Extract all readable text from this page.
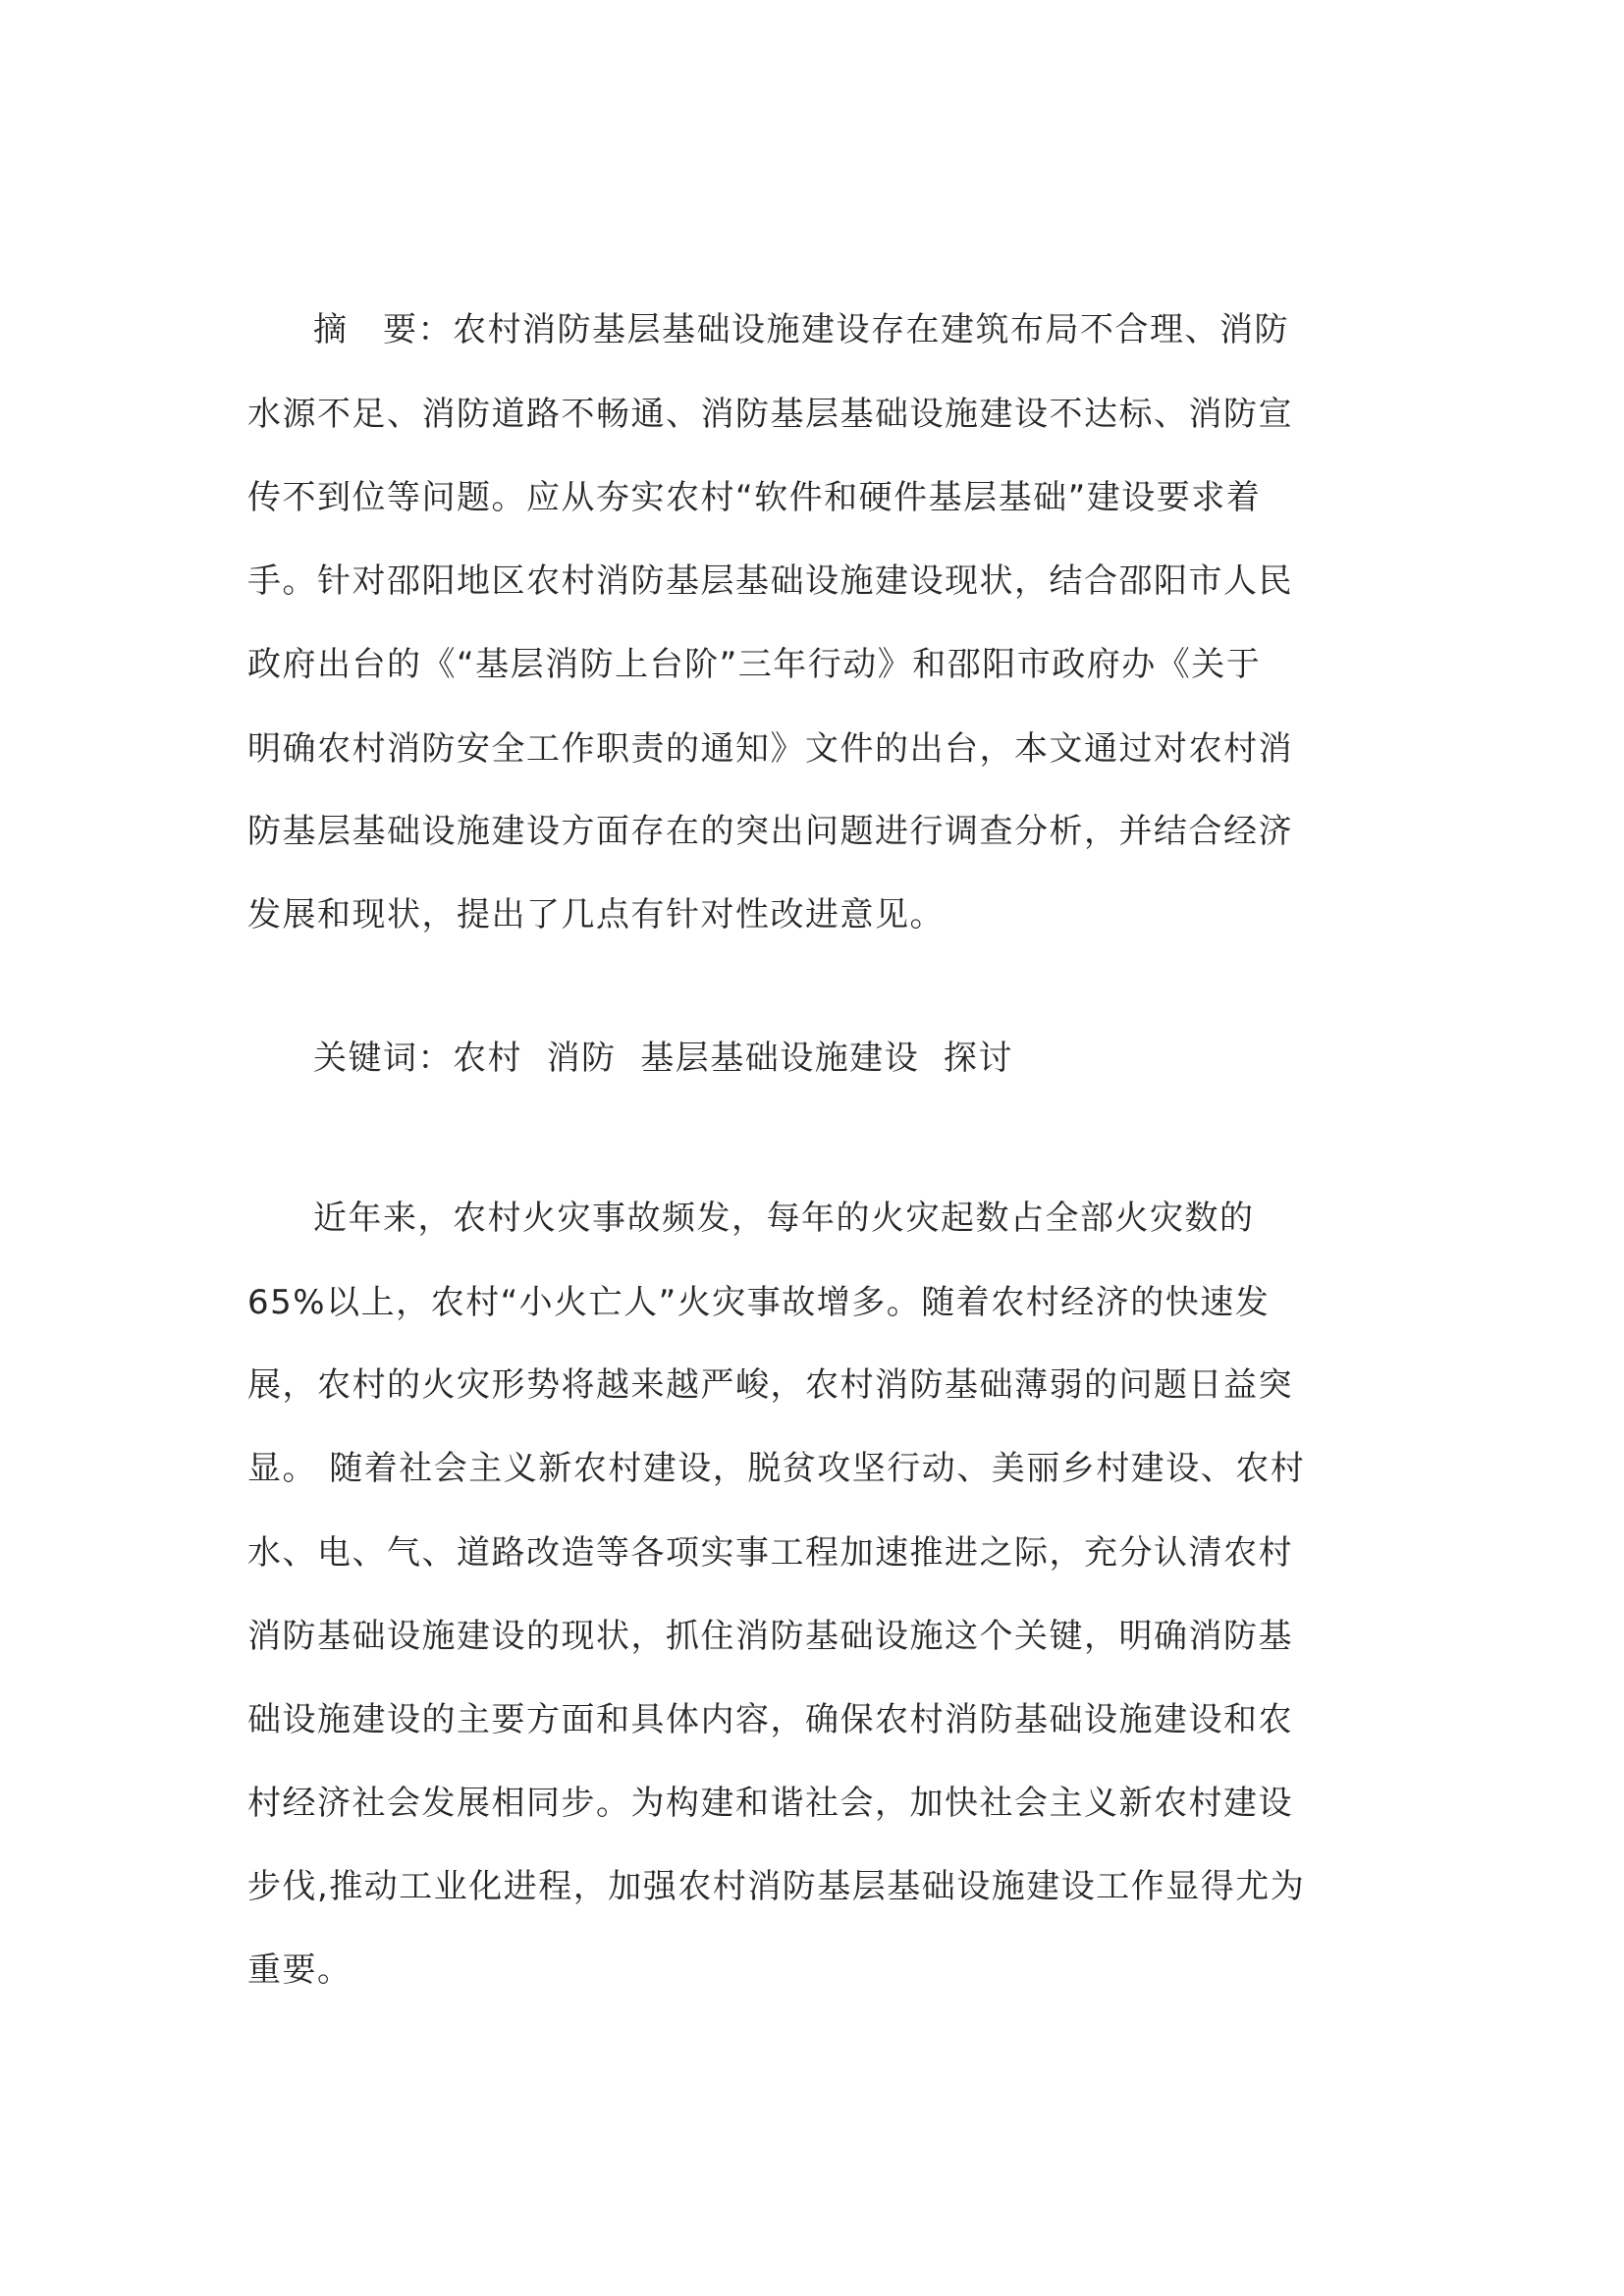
摘　要：农村消防基层基础设施建设存在建筑布局不合理、消防
水源不足、消防道路不畅通、消防基层基础设施建设不达标、消防宣
传不到位等问题。应从夯实农村“软件和硬件基层基础”建设要求着
手。针对邵阳地区农村消防基层基础设施建设现状，结合邵阳市人民
政府出台的《“基层消防上台阶”三年行动》和邵阳市政府办《关于
明确农村消防安全工作职责的通知》文件的出台，本文通过对农村消
防基层基础设施建设方面存在的突出问题进行调查分析，并结合经济
发展和现状，提出了几点有针对性改进意见。
关键词：农村  消防  基层基础设施建设  探讨
近年来，农村火灾事故频发，每年的火灾起数占全部火灾数的
65%以上，农村“小火亡人”火灾事故增多。随着农村经济的快速发
展，农村的火灾形势将越来越严峻，农村消防基础薄弱的问题日益突
显。 随着社会主义新农村建设，脱贫攻坚行动、美丽乡村建设、农村
水、电、气、道路改造等各项实事工程加速推进之际，充分认清农村
消防基础设施建设的现状，抓住消防基础设施这个关键，明确消防基
础设施建设的主要方面和具体内容，确保农村消防基础设施建设和农
村经济社会发展相同步。为构建和谐社会，加快社会主义新农村建设
步伐,推动工业化进程，加强农村消防基层基础设施建设工作显得尤为
重要。
